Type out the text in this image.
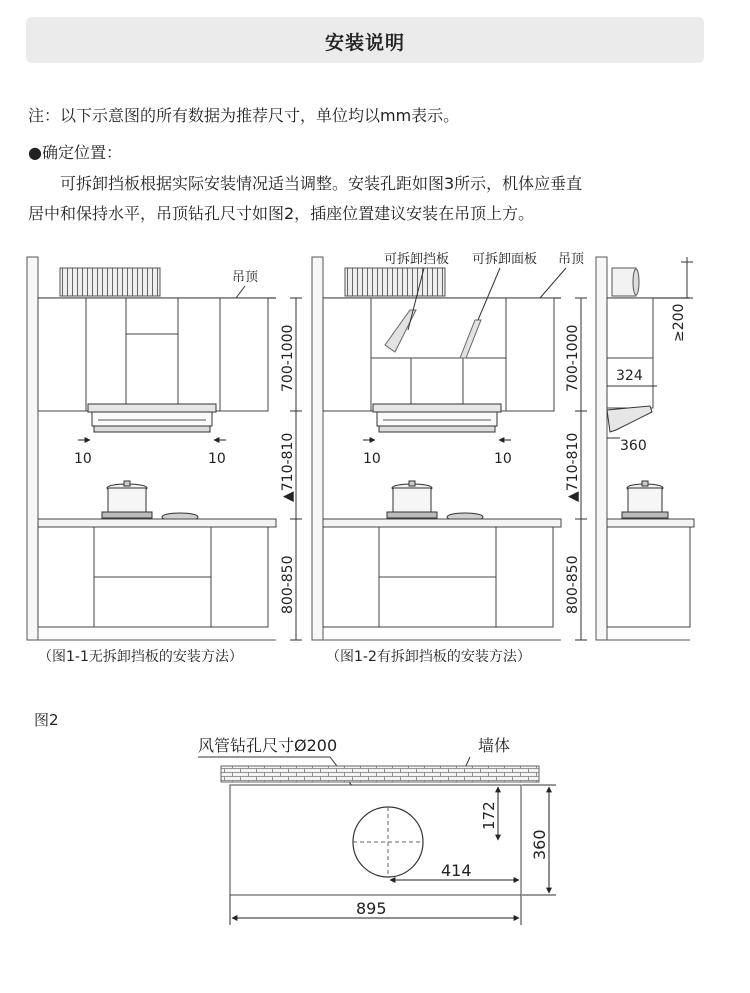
安装说明
注：以下示意图的所有数据为推荐尺寸，单位均以mm表示。
●确定位置：
　　可拆卸挡板根据实际安装情况适当调整。安装孔距如图3所示，机体应垂直
居中和保持水平，吊顶钻孔尺寸如图2，插座位置建议安装在吊顶上方。
10	10
吊顶
700-1000
▲710-810
800-850
（图1-1无拆卸挡板的安装方法）
可拆卸挡板 可拆卸面板 吊顶
10	10
700-1000
▲710-810
800-850
（图1-2有拆卸挡板的安装方法）
≥200
324
360
图2
风管钻孔尺寸Ø200	墙体
172
360
414
895
